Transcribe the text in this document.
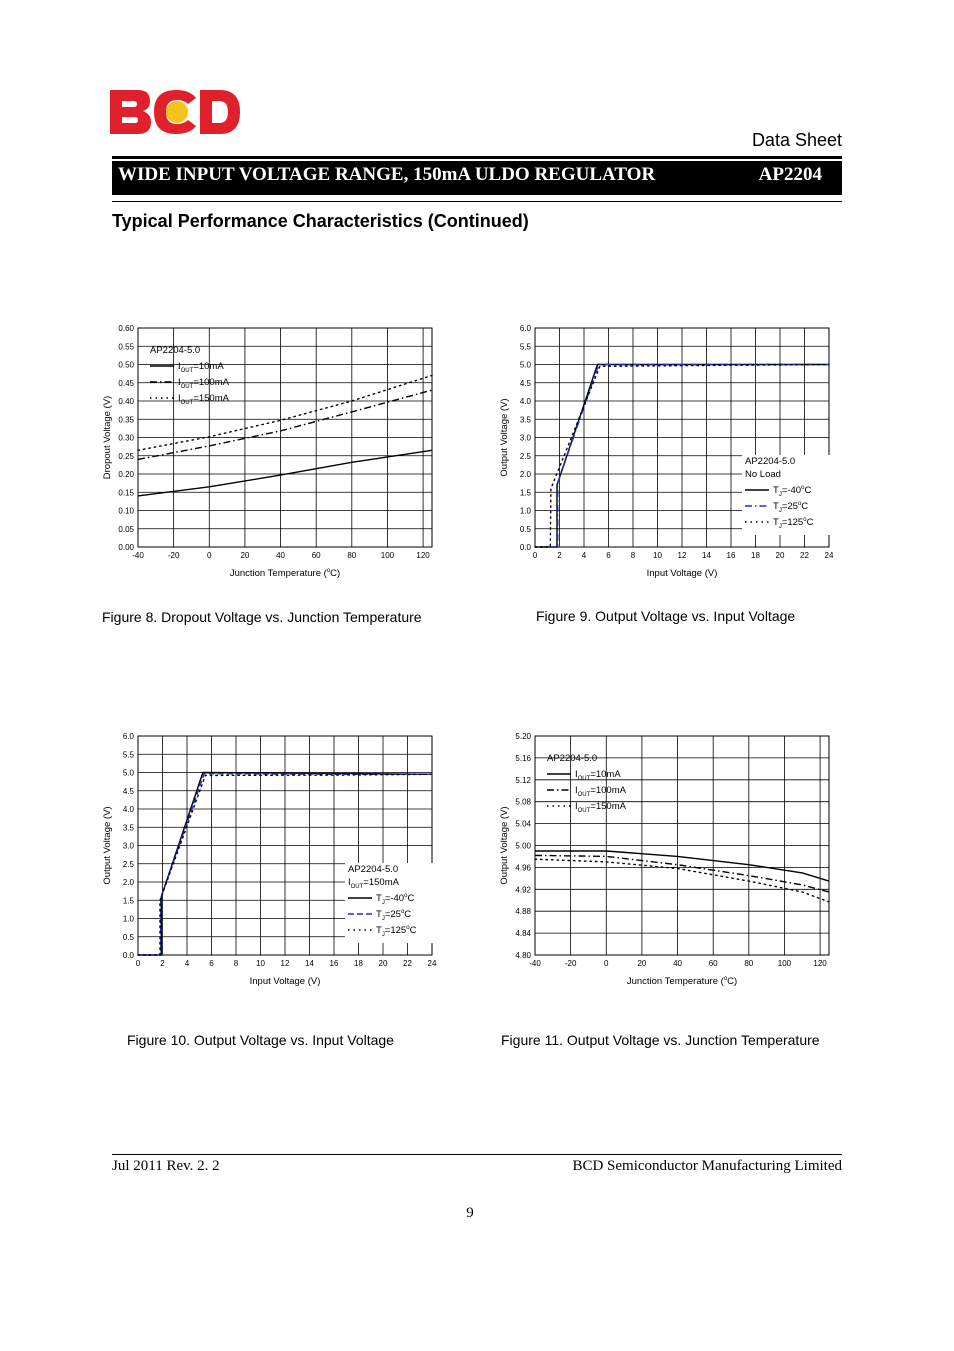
Data Sheet
WIDE INPUT VOLTAGE RANGE, 150mA ULDO REGULATOR	AP2204
Typical Performance Characteristics (Continued)
-40	-20	0	20	40	60	80	100	120
0.00
0.05
0.10
0.15
0.20
0.25
0.30
0.35
0.40
0.45
0.50
0.55
0.60
Junction Temperature ($^o$C)
Dropout Voltage (V)
AP2204-5.0
$I_{OUT}=10mA$
$I_{OUT}=100mA$
$I_{OUT}=150mA$
0	2	4	6	8 10 12 14 16 18 20 22 24
0.0
0.5
1.0
1.5
2.0
2.5
3.0
3.5
4.0
4.5
5.0
5.5
6.0
Input Voltage (V)
Output Voltage (V)	AP2204-5.0
No Load
$T_J=-40^oC$
$T_J=25^oC$
$T_J=125^oC$
0	2	4	6	8 10 12 14 16 18 20 22 24
0.0
0.5
1.0
1.5
2.0
2.5
3.0
3.5
4.0
4.5
5.0
5.5
6.0
Input Voltage (V)
Output Voltage (V)	AP2204-5.0
$I_{OUT}=150mA$
$T_J=-40^oC$
$T_J=25^oC$
$T_J=125^oC$
-40	-20	0	20	40	60	80	100	120
4.80
4.84
4.88
4.92
4.96
5.00
5.04
5.08
5.12
5.16
5.20
Junction Temperature ($^o$C)
Output Voltage (V)
AP2204-5.0
$I_{OUT}=10mA$
$I_{OUT}=100mA$
$I_{OUT}=150mA$
Figure 8. Dropout Voltage vs. Junction Temperature	Figure 9. Output Voltage vs. Input Voltage
Figure 10. Output Voltage vs. Input Voltage	Figure 11. Output Voltage vs. Junction Temperature
Jul 2011 Rev. 2. 2	BCD Semiconductor Manufacturing Limited
9
